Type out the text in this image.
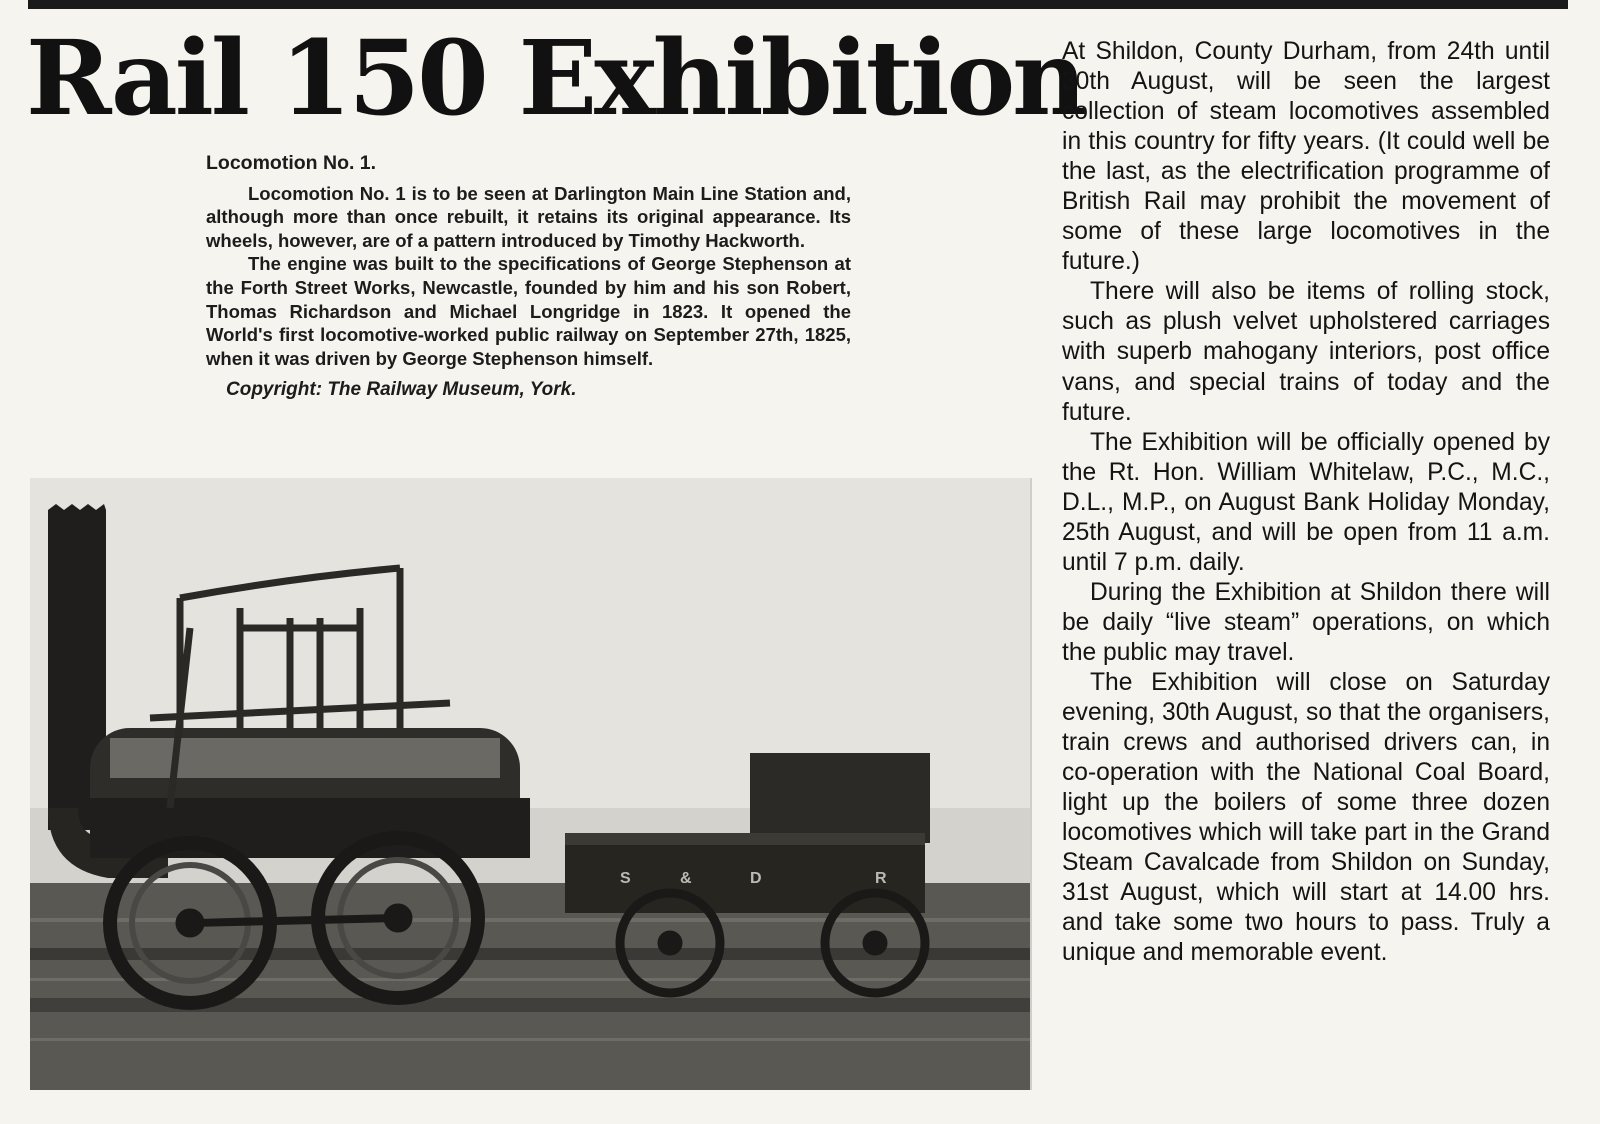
Rail 150 Exhibition
Locomotion No. 1.

Locomotion No. 1 is to be seen at Darlington Main Line Station and, although more than once rebuilt, it retains its original appearance. Its wheels, however, are of a pattern introduced by Timothy Hackworth.

The engine was built to the specifications of George Stephenson at the Forth Street Works, Newcastle, founded by him and his son Robert, Thomas Richardson and Michael Longridge in 1823. It opened the World's first locomotive-worked public railway on September 27th, 1825, when it was driven by George Stephenson himself.

Copyright: The Railway Museum, York.
S	&	D	R

At Shildon, County Durham, from 24th until 30th August, will be seen the largest collection of steam locomotives assembled in this country for fifty years. (It could well be the last, as the electrification programme of British Rail may prohibit the movement of some of these large locomotives in the future.)

There will also be items of rolling stock, such as plush velvet upholstered carriages with superb mahogany interiors, post office vans, and special trains of today and the future.

The Exhibition will be officially opened by the Rt. Hon. William Whitelaw, P.C., M.C., D.L., M.P., on August Bank Holiday Monday, 25th August, and will be open from 11 a.m. until 7 p.m. daily.

During the Exhibition at Shildon there will be daily “live steam” operations, on which the public may travel.

The Exhibition will close on Saturday evening, 30th August, so that the organisers, train crews and authorised drivers can, in co-operation with the National Coal Board, light up the boilers of some three dozen locomotives which will take part in the Grand Steam Cavalcade from Shildon on Sunday, 31st August, which will start at 14.00 hrs. and take some two hours to pass. Truly a unique and memorable event.
